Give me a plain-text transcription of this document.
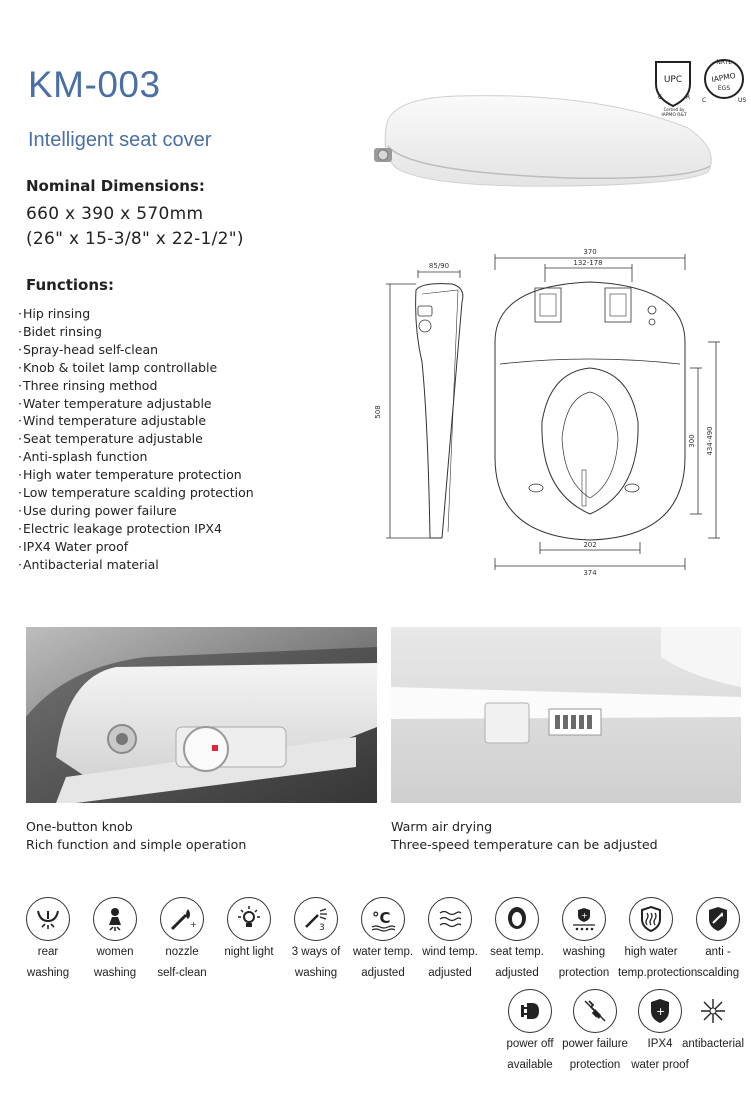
KM-003
Intelligent seat cover
UPC
C	R
Certied by
IAPMO R&T
NRTL
IAPMO
EGS
C	US
Nominal Dimensions:
660 x 390 x 570mm
(26" x 15-3/8" x 22-1/2")
Functions:
· Hip rinsing
· Bidet rinsing
· Spray-head self-clean
· Knob & toilet lamp controllable
· Three rinsing method
· Water temperature adjustable
· Wind temperature adjustable
· Seat temperature adjustable
· Anti-splash function
· High water temperature protection
· Low temperature scalding protection
· Use during power failure
· Electric leakage protection IPX4
· IPX4 Water proof
· Antibacterial material
85/90
508
370
132-178
300 434-490
202
374
One-button knob
Rich function and simple operation
Warm air drying
Three-speed temperature can be adjusted
rear
washing
women
washing
+
nozzle
self-clean
night light
3
3 ways of
washing
°C
water temp.
adjusted
wind temp.
adjusted
seat temp.
adjusted
+
washing
protection
high water
temp.protection
anti -
scalding
power off
available
power failure
protection
+
IPX4
water proof
antibacterial
